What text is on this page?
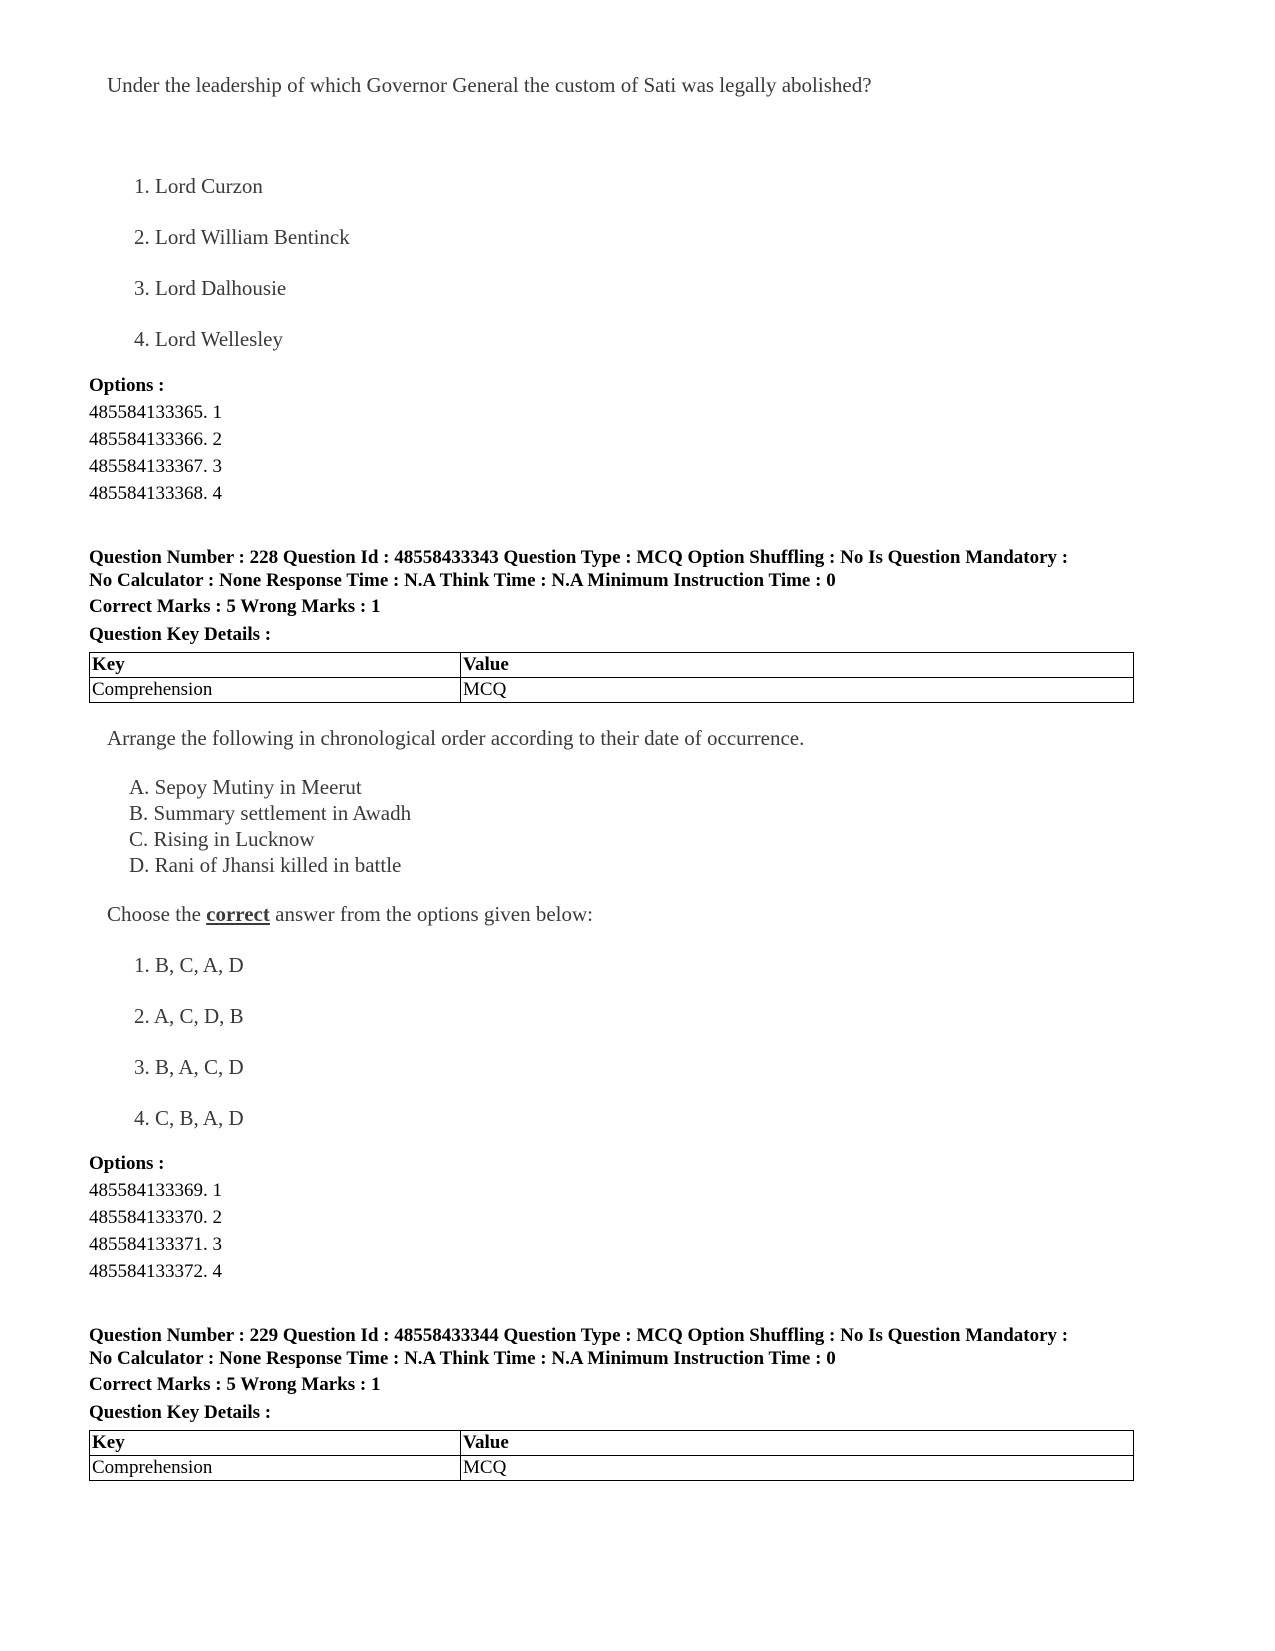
Under the leadership of which Governor General the custom of Sati was legally abolished?
1. Lord Curzon
2. Lord William Bentinck
3. Lord Dalhousie
4. Lord Wellesley
Options :
485584133365. 1
485584133366. 2
485584133367. 3
485584133368. 4
Question Number : 228 Question Id : 48558433343 Question Type : MCQ Option Shuffling : No Is Question Mandatory :
No Calculator : None Response Time : N.A Think Time : N.A Minimum Instruction Time : 0
Correct Marks : 5 Wrong Marks : 1
Question Key Details :
Key	Value
Comprehension	MCQ
Arrange the following in chronological order according to their date of occurrence.
A. Sepoy Mutiny in Meerut
B. Summary settlement in Awadh
C. Rising in Lucknow
D. Rani of Jhansi killed in battle
Choose the correct answer from the options given below:
1. B, C, A, D
2. A, C, D, B
3. B, A, C, D
4. C, B, A, D
Options :
485584133369. 1
485584133370. 2
485584133371. 3
485584133372. 4
Question Number : 229 Question Id : 48558433344 Question Type : MCQ Option Shuffling : No Is Question Mandatory :
No Calculator : None Response Time : N.A Think Time : N.A Minimum Instruction Time : 0
Correct Marks : 5 Wrong Marks : 1
Question Key Details :
Key	Value
Comprehension	MCQ
